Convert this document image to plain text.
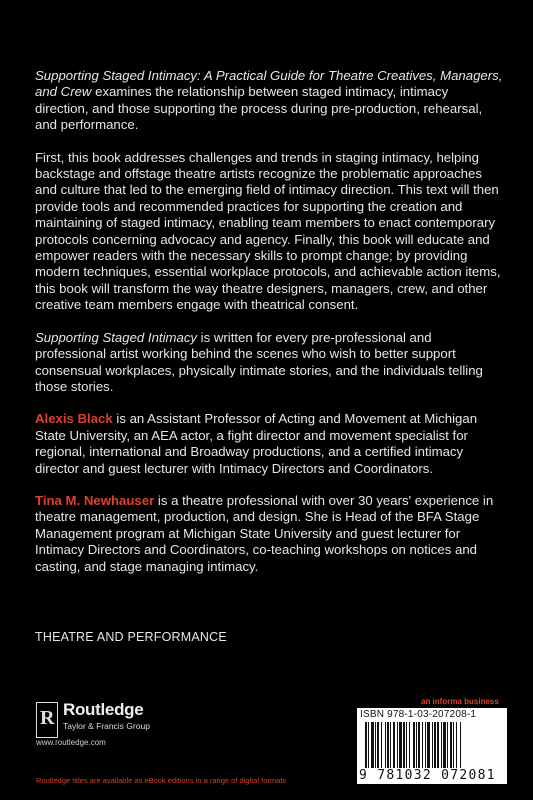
Supporting Staged Intimacy: A Practical Guide for Theatre Creatives, Managers, and Crew examines the relationship between staged intimacy, intimacy direction, and those supporting the process during pre-production, rehearsal, and performance.

First, this book addresses challenges and trends in staging intimacy, helping backstage and offstage theatre artists recognize the problematic approaches and culture that led to the emerging field of intimacy direction. This text will then provide tools and recommended practices for supporting the creation and maintaining of staged intimacy, enabling team members to enact contemporary protocols concerning advocacy and agency. Finally, this book will educate and empower readers with the necessary skills to prompt change; by providing modern techniques, essential workplace protocols, and achievable action items, this book will transform the way theatre designers, managers, crew, and other creative team members engage with theatrical consent.

Supporting Staged Intimacy is written for every pre-professional and professional artist working behind the scenes who wish to better support consensual workplaces, physically intimate stories, and the individuals telling those stories.

Alexis Black is an Assistant Professor of Acting and Movement at Michigan State University, an AEA actor, a fight director and movement specialist for regional, international and Broadway productions, and a certified intimacy director and guest lecturer with Intimacy Directors and Coordinators.

Tina M. Newhauser is a theatre professional with over 30 years' experience in theatre management, production, and design. She is Head of the BFA Stage Management program at Michigan State University and guest lecturer for Intimacy Directors and Coordinators, co-teaching workshops on notices and casting, and stage managing intimacy.

THEATRE AND PERFORMANCE
R Routledge
Taylor & Francis Group
www.routledge.com
Routledge titles are available as eBook editions in a range of digital formats
an informa business
ISBN 978-1-03-207208-1
9 781032 072081
